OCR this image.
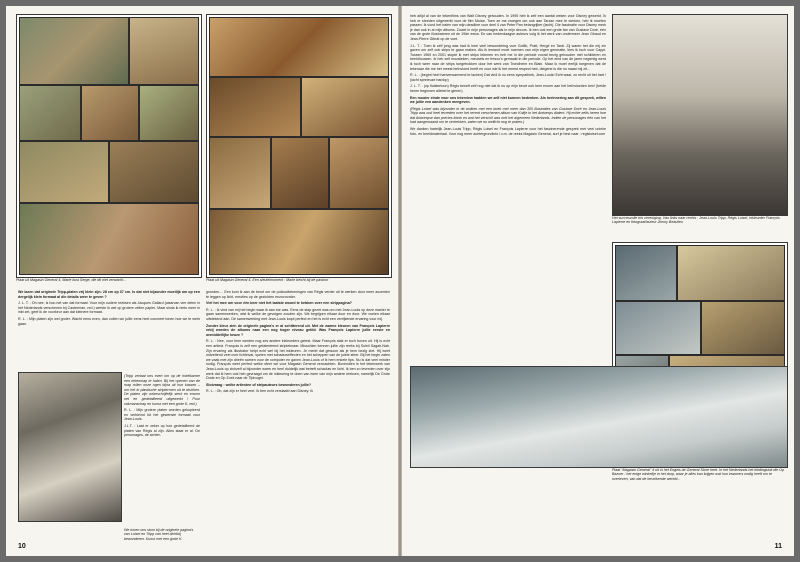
Plaat uit Magasin General 4, Marie kust Serge, die dit niet verwacht...	Plaat uit Magasin General 4, Een sleutelmoment : Marie beicht bij de pastoor

We lazen dat originele Tripp-platen vrij klein zijn: 28 cm op 37 cm. Is dat niet bijzonder moeilijk om op een dergelijk klein formaat al die details weer te geven ?

J. L. T. : Oh nee, is hou net van dat formaat. Voor mijn oudere reeksen als Jacques Gallard (waarvan vier delen in het Nederlands verschenen bij Casterman, red.) werkte ik wel op grotere vellen papier. Maar sinds ik niets meer in inkt zet, geef ik de voorkeur aan dat kleinere formaat.

R. L. : Mijn platen zijn wel groter. Wacht eens even, dan zullen we jullie eens heel concreet tonen hoe we te werk gaan.

(Tripp verlaat ons even om op de hotelkamer een tekenmap te halen. Bij het openen van de map rollen onze ogen bijna uit hun kassen – om het in plastische striptermen uit te drukken. De platen zijn onbeschrijfelijk sterk en enorm net en gedetailleerd uitgewerkt ! Puur vakmanschap en kunst met een grote K, red.)

R. L. : Mijn grotere platen worden gekopieerd en verkleind tot het gewenste formaat voor Jean-Louis.

J.L.T. : Laat er zeker op hoe gedetailleerd de platen van Régis al zijn. Alles staat er al. De personages, de achter-

We tonen ons stom bij de originele pagina's van Loisel en Tripp van heel dichtbij bewonderen. Kunst met een grote K.

gronden.... Een kom ik aan de beurt om de potloodtekeningen van Régis verder uit te werken door meer accenten te leggen op licht, emoties op de gezichten enzovoorder.

Viel het mee om voor één keer niet het laatste woord te hebben over een strippagina?

R. L. : Ik vind van mij het begin waar ik aan toe was. Eens de stap gezet was om met Jean-Louis op deze manier te gaan samenwerken, wist ik welke de gevolgen zouden zijn. We begrijpen elkaar door en door. We voelen elkaar uitstekend aan. De samenwerking met Jean-Louis loopt perfect en het is echt een verrijkende ervaring voor mij.

Zonder kleur zien de originele pagina's er al schitterend uit. Met de warme kleuren van François Lapierre erbij worden de albums naar een nog hoger niveau getild. Was François Lapierre jullie eerste en onmiddellijke keuze ?

R. L. : Nee, voor hem werden nog zes andere inkleurders getest. Maar François stak er toch boven uit. Hij is echt een artiest. François is zelf een getalenteerd stripteknaar. Misschien kennen jullie zijn reeks bij Soleil Sagah-Nah. Zijn ervaring als illustrator helpt echt wel bij het inkleuren. Je merkt dat gewoon als je hem bezig ziet. Hij weet ontzettend veel over lichtinval, spelen met schaduweffecten en het scheppen van de juiste sfeer. Bij het begin zaten we vaak met zijn drieën samen voor de computer en gaven Jean-Louis of ik hem enkele tips. Nu is dat veel minder nodig. François weet perfect welke sfeer we voor Magasin General verwachten. Bovendien is het tekenwerk van Jean-Louis op zichzelf al bijzonder warm en heel duidelijk wat betreft schaduw en licht. Ik ben zo tevreden over zijn werk dat ik hem ook heb gevraagd om de inkleuring te doen van twee van mijn andere reeksen, namelijk De Grote Dode en Op Zoek naar de Tijdvogel.

Slotvraag : welke artiesten of stripauteurs bewonderen jullie?

R. L. : Oh, dat zijn er heel veel. Ik ben echt verslaafd aan Disney. Ik

10

heb altijd al van de tekenfilms van Walt Disney gehouden. In 1995 heb ik zelf een aantal weken voor Disney gewerkt. Ik heb er steeden uitgewerkt voor de film Mulan. Toen ze me vroegen om ook aan Tarzan mee te werken, heb ik moeten passen. Ik vond het halen van mijn deadline voor deel 4 van Peter Pan belangrijker (lacht). Die fascinatie voor Disney merk je dan ook in al mijn albums. Zowel in mijn personages als in mijn decors. Ik ben ook een grote fan van Gustave Doré, één van de grote illustratoren uit de 19de eeuw. En van hedendaagse auteurs volg ik het werk van ondermeer Jean Giraud en Jean-Pierre Gibrat op de voet.

J.L. T. : Toen ik zelf jong was had ik heel veel bewondering voor Gotlib, Pratt, Hergé en Tardi. Zij waren het die mij zin gaven om zelf ook strips te gaan maken. Als ik iemand moet noemen van mijn eigen generatie, kies ik toch voor Cappi. Tussen 1969 en 2001 stopte ik met strips tekenen en heb me in die periode vooral bezig gehouden met schilderen en beeldhouwen. Ik heb zelf mozaieken, meubels en fresco's gemaakt in die periode. Op het eind van de jaren negentig werd ik toch weer naar de strips toegetrokken door het werk van Trondheim en Blain. Maar ik moet eerlijk toegeven dat de tekenaar die me het meest beïnvloed heeft en voor wie ik het meest respect heb, diegene is die nu naast mij zit...

R. L. : (begint heel hartverwarmend te lachen) Dat vind ik nu eens sympathiek, Jean-Louis! Echt waar, zo recht uit het hart ! (lacht spreieuze hardop)

J. L. T. : (op fluistertoon) Régis beseft zelf nog niet dat ik nu op mijn beurt ook hem enorm aan het beïnvloeden ben! (beide heren beginnen allebei te gieren)

Een mooier einde voor ons interview hadden we zelf niet kunnen bedenken. Als herinnering aan dit gesprek, willen we jullie een aandenken meegeven.

(Régis Loisel was bijzonder in de wolken met een boek met meer dan 300 illustraties van Gustave Doré en Jean-Louis Tripp was ook heel tevreden over het recent verschenen album van Kuifje in het Antwerps dialect. Hij echte zelfs heren hoe dat Antwerpse dan precies klonk en wat het verschil was met het algemeen Nederlands. Indien de personages één van het had aangemaand om te vertrekken, zaten we nu wellicht nog te praten.)

We danken hartelijk Jean-Louis Tripp, Régis Loisel en François Lapierre voor het fascinerende gesprek met veel unieke foto- en beeldmateriaal. Voor nog meer achtergrondinfo i.v.m. de reeks Magasin General, surf je best naar : regisloisel.com

Het succesvolle trio vereniging. Van links naar rechts : Jean-Louis Tripp, Régis Loisel, inkleurder François Lapierre en fotograaf/auteur Jimmy Beaulieu
Plaat "Magasin General" 4 uit in het Engels de General Store heet. In het Nederlands het kledingstuk die Op Bazoer : het enige winkeltje in het dorp, waar je alles kan krijgen wat hun inwoners nodig heeft om te overleven, van dat de bevolkende wereld...
11
